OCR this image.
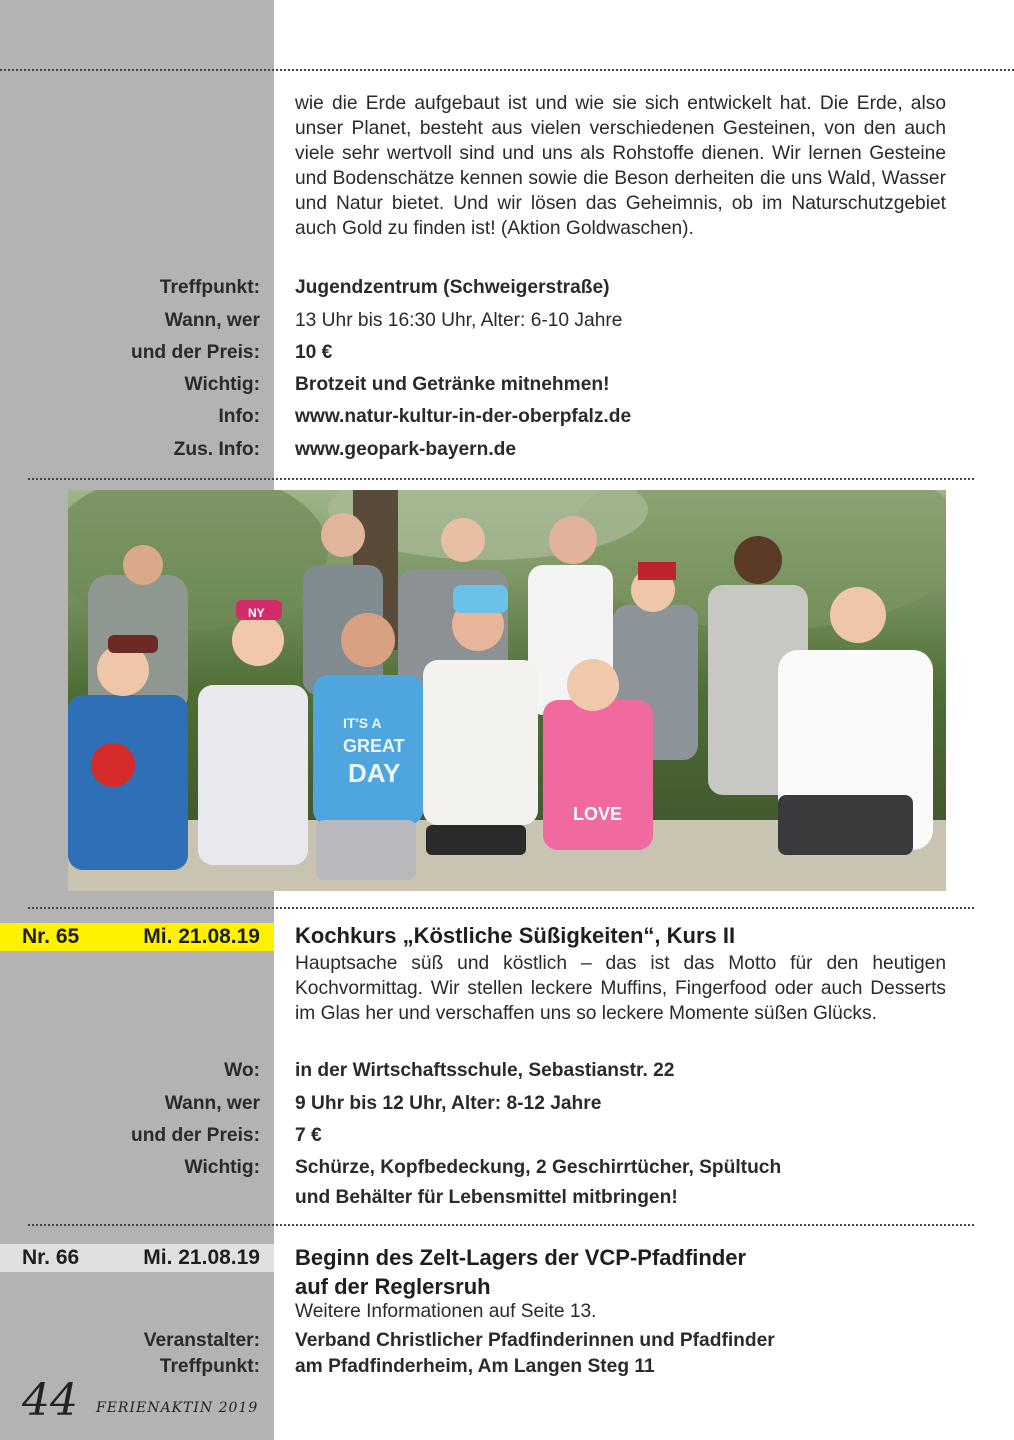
wie die Erde aufgebaut ist und wie sie sich entwickelt hat. Die Erde, also unser Planet, besteht aus vielen verschiedenen Gesteinen, von den auch viele sehr wertvoll sind und uns als Rohstoffe dienen. Wir lernen Gesteine und Bodenschätze kennen sowie die Beson derheiten die uns Wald, Wasser und Natur bietet. Und wir lösen das Geheimnis, ob im Naturschutzgebiet auch Gold zu finden ist! (Aktion Goldwaschen).
Treffpunkt: Jugendzentrum (Schweigerstraße)
Wann, wer 13 Uhr bis 16:30 Uhr, Alter: 6-10 Jahre
und der Preis: 10 €
Wichtig: Brotzeit und Getränke mitnehmen!
Info: www.natur-kultur-in-der-oberpfalz.de
Zus. Info: www.geopark-bayern.de
NY
IT'S A
GREAT
DAY
LOVE
Nr. 65	Mi. 21.08.19 Kochkurs „Köstliche Süßigkeiten“, Kurs II
Hauptsache süß und köstlich – das ist das Motto für den heutigen Kochvormittag. Wir stellen leckere Muffins, Fingerfood oder auch Desserts im Glas her und verschaffen uns so leckere Momente süßen Glücks.
Wo: in der Wirtschaftsschule, Sebastianstr. 22
Wann, wer 9 Uhr bis 12 Uhr, Alter: 8-12 Jahre
und der Preis: 7 €
Wichtig: Schürze, Kopfbedeckung, 2 Geschirrtücher, Spültuch
und Behälter für Lebensmittel mitbringen!
Nr. 66	Mi. 21.08.19 Beginn des Zelt-Lagers der VCP-Pfadfinder
auf der Reglersruh
Weitere Informationen auf Seite 13.
Veranstalter: Verband Christlicher Pfadfinderinnen und Pfadfinder
Treffpunkt: am Pfadfinderheim, Am Langen Steg 11
44 FERIENAKTIN 2019
